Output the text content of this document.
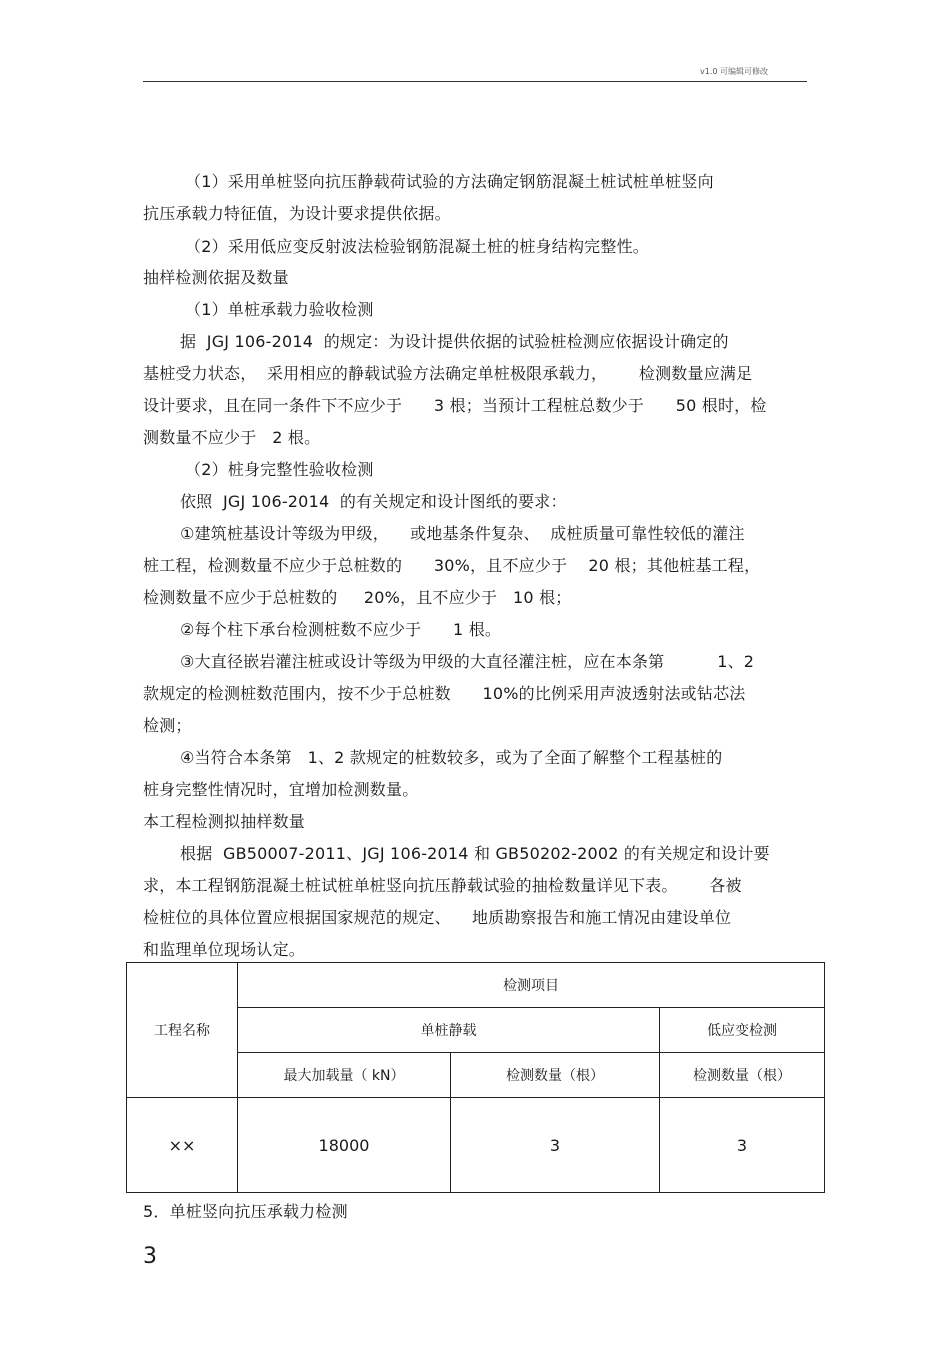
v1.0 可编辑可修改
（1）采用单桩竖向抗压静载荷试验的方法确定钢筋混凝土桩试桩单桩竖向
抗压承载力特征值，为设计要求提供依据。
（2）采用低应变反射波法检验钢筋混凝土桩的桩身结构完整性。
抽样检测依据及数量
（1）单桩承载力验收检测
据  JGJ 106-2014  的规定：为设计提供依据的试验桩检测应依据设计确定的
基桩受力状态，  采用相应的静载试验方法确定单桩极限承载力，      检测数量应满足
设计要求，且在同一条件下不应少于      3 根；当预计工程桩总数少于      50 根时，检
测数量不应少于   2 根。
（2）桩身完整性验收检测
依照  JGJ 106-2014  的有关规定和设计图纸的要求：
①建筑桩基设计等级为甲级，    或地基条件复杂、  成桩质量可靠性较低的灌注
桩工程，检测数量不应少于总桩数的      30%，且不应少于    20 根；其他桩基工程，
检测数量不应少于总桩数的     20%，且不应少于   10 根；
②每个柱下承台检测桩数不应少于      1 根。
③大直径嵌岩灌注桩或设计等级为甲级的大直径灌注桩，应在本条第          1、2
款规定的检测桩数范围内，按不少于总桩数      10%的比例采用声波透射法或钻芯法
检测；
④当符合本条第   1、2 款规定的桩数较多，或为了全面了解整个工程基桩的
桩身完整性情况时，宜增加检测数量。
本工程检测拟抽样数量
根据  GB50007-2011、JGJ 106-2014 和 GB50202-2002 的有关规定和设计要
求，本工程钢筋混凝土桩试桩单桩竖向抗压静载试验的抽检数量详见下表。      各被
检桩位的具体位置应根据国家规范的规定、    地质勘察报告和施工情况由建设单位
和监理单位现场认定。
工程名称	检测项目		
	单桩静载		低应变检测
	最大加载量（ kN）	检测数量（根）	检测数量（根）
××	18000	3	3
5．单桩竖向抗压承载力检测
3
